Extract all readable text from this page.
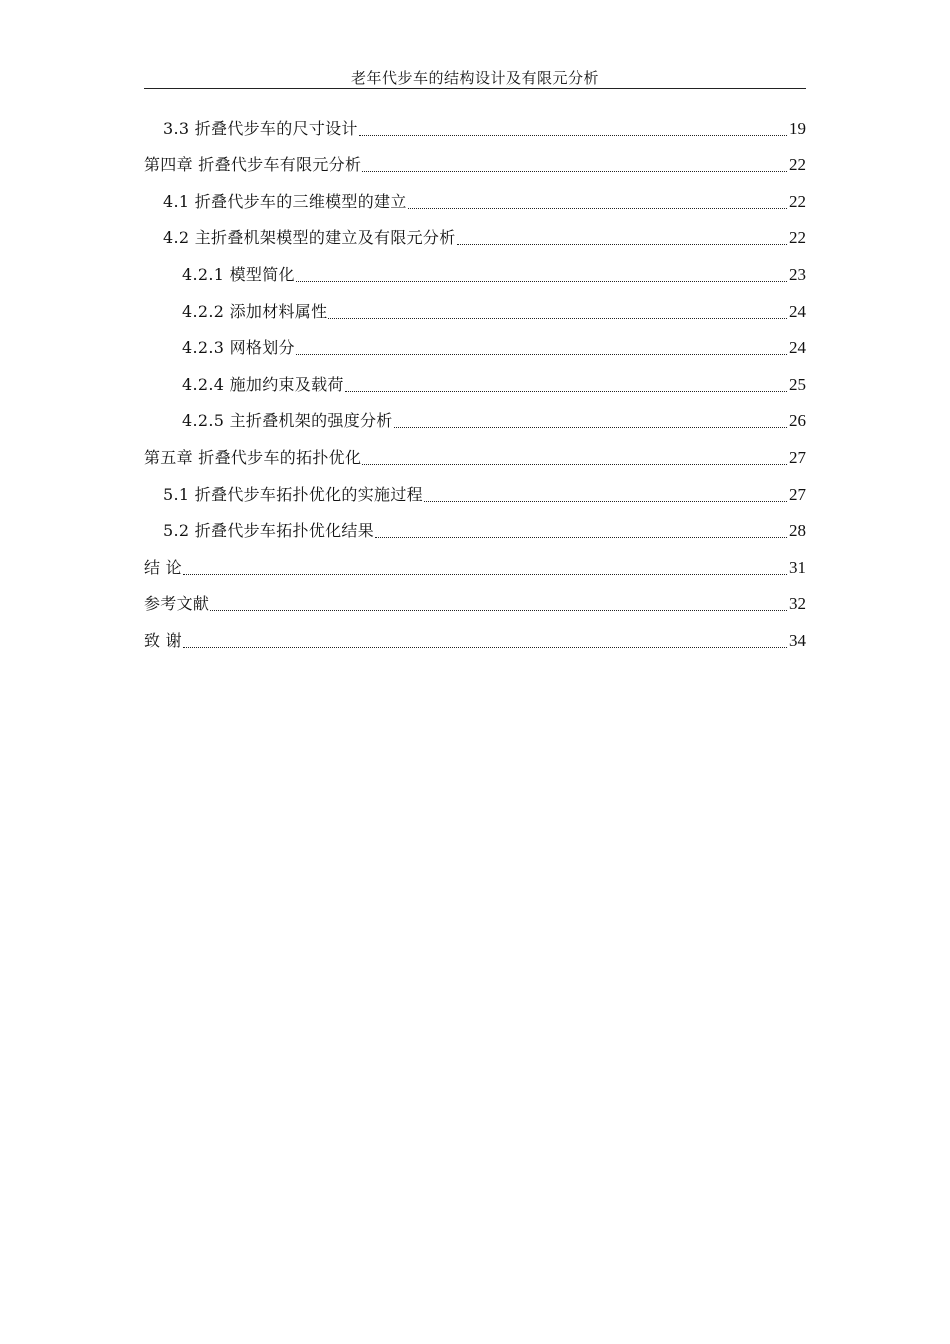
老年代步车的结构设计及有限元分析
3.3 折叠代步车的尺寸设计	19
第四章 折叠代步车有限元分析	22
4.1 折叠代步车的三维模型的建立	22
4.2 主折叠机架模型的建立及有限元分析	22
4.2.1 模型简化	23
4.2.2 添加材料属性	24
4.2.3 网格划分	24
4.2.4 施加约束及载荷	25
4.2.5 主折叠机架的强度分析	26
第五章 折叠代步车的拓扑优化	27
5.1 折叠代步车拓扑优化的实施过程	27
5.2 折叠代步车拓扑优化结果	28
结 论	31
参考文献	32
致 谢	34
